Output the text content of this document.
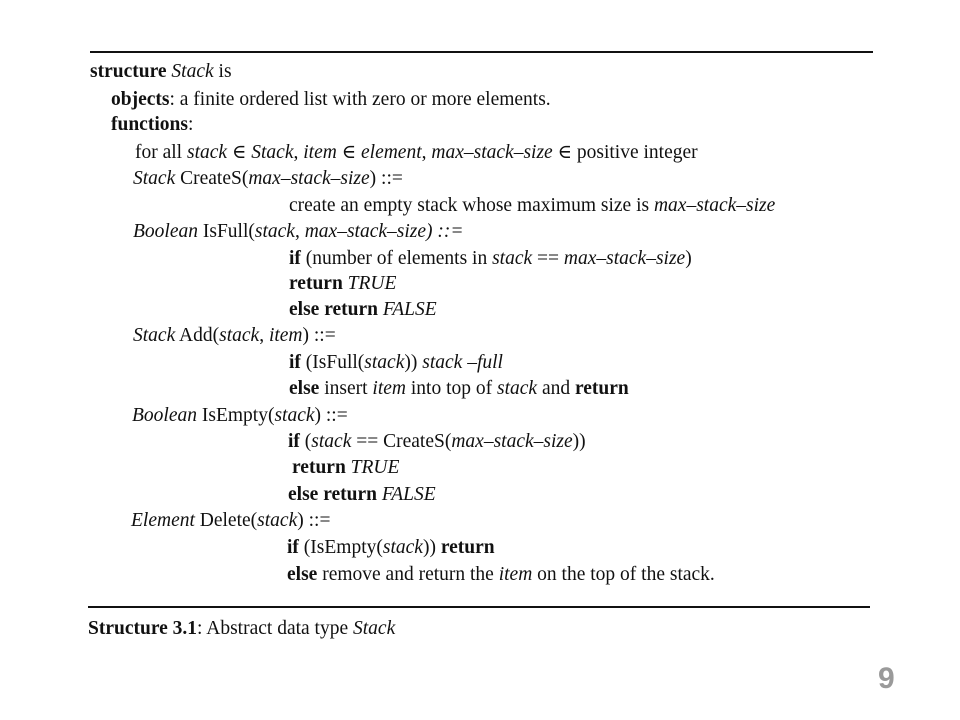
structure Stack is
objects: a finite ordered list with zero or more elements.
functions:
for all stack ∈ Stack, item ∈ element, max–stack–size ∈ positive integer
Stack CreateS(max–stack–size) ::=
create an empty stack whose maximum size is max–stack–size
Boolean IsFull(stack, max–stack–size) ::=
if (number of elements in stack == max–stack–size)
return TRUE
else return FALSE
Stack Add(stack, item) ::=
if (IsFull(stack)) stack –full
else insert item into top of stack and return
Boolean IsEmpty(stack) ::=
if (stack == CreateS(max–stack–size))
return TRUE
else return FALSE
Element Delete(stack) ::=
if (IsEmpty(stack)) return
else remove and return the item on the top of the stack.
Structure 3.1: Abstract data type Stack
9
